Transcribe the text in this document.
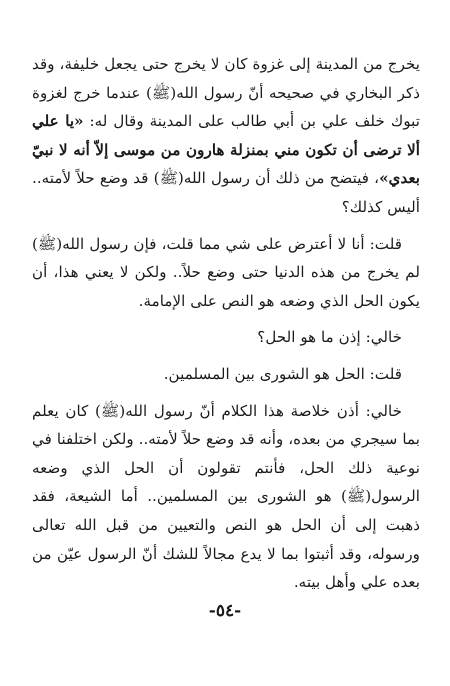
يخرج من المدينة إلى غزوة كان لا يخرج حتى يجعل خليفة، وقد ذكر البخاري في صحيحه أنّ رسول الله(ﷺ) عندما خرج لغزوة تبوك خلف علي بن أبي طالب على المدينة وقال له: «يا علي ألا ترضى أن تكون مني بمنزلة هارون من موسى إلاّ أنه لا نبيّ بعدي»، فيتضح من ذلك أن رسول الله(ﷺ) قد وضع حلاً لأمته.. أليس كذلك؟

قلت: أنا لا أعترض على شي مما قلت، فإن رسول الله(ﷺ) لم يخرج من هذه الدنيا حتى وضع حلاً.. ولكن لا يعني هذا، أن يكون الحل الذي وضعه هو النص على الإمامة.

خالي: إذن ما هو الحل؟

قلت: الحل هو الشورى بين المسلمين.

خالي: أذن خلاصة هذا الكلام أنّ رسول الله(ﷺ) كان يعلم بما سيجري من بعده، وأنه قد وضع حلاً لأمته.. ولكن اختلفنا في نوعية ذلك الحل، فأنتم تقولون أن الحل الذي وضعه الرسول(ﷺ) هو الشورى بين المسلمين.. أما الشيعة، فقد ذهبت إلى أن الحل هو النص والتعيين من قبل الله تعالى ورسوله، وقد أثبتوا بما لا يدع مجالاً للشك أنّ الرسول عيّن من بعده علي وأهل بيته.

-٥٤-
